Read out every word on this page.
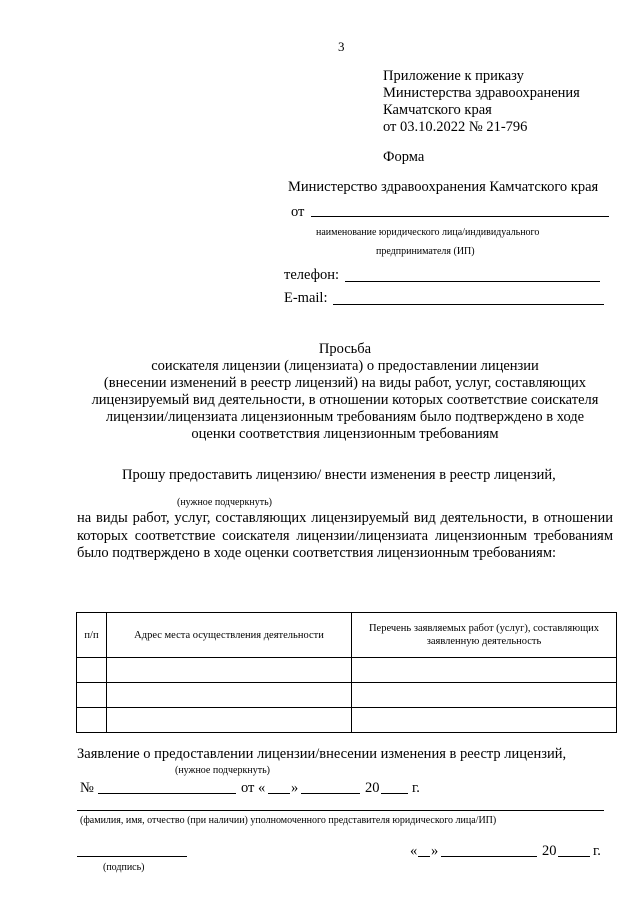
3
Приложение к приказу
Министерства здравоохранения
Камчатского края
от 03.10.2022 № 21-796
Форма
Министерство здравоохранения Камчатского края
от
наименование юридического лица/индивидуального
предпринимателя (ИП)
телефон:
E-mail:
Просьба
соискателя лицензии (лицензиата) о предоставлении лицензии
(внесении изменений в реестр лицензий) на виды работ, услуг, составляющих
лицензируемый вид деятельности, в отношении которых соответствие соискателя
лицензии/лицензиата лицензионным требованиям было подтверждено в ходе
оценки соответствия лицензионным требованиям
Прошу предоставить лицензию/ внести изменения в реестр лицензий,
(нужное подчеркнуть)
на виды работ, услуг, составляющих лицензируемый вид деятельности, в отношении которых соответствие соискателя лицензии/лицензиата лицензионным требованиям было подтверждено в ходе оценки соответствия лицензионным требованиям:
п/п	Адрес места осуществления деятельности	Перечень заявляемых работ (услуг), составляющих заявленную деятельность

Заявление о предоставлении лицензии/внесении изменения в реестр лицензий,
(нужное подчеркнуть)
№	от « »	20 г.
(фамилия, имя, отчество (при наличии) уполномоченного представителя юридического лица/ИП)
(подпись)
« »	20	г.
